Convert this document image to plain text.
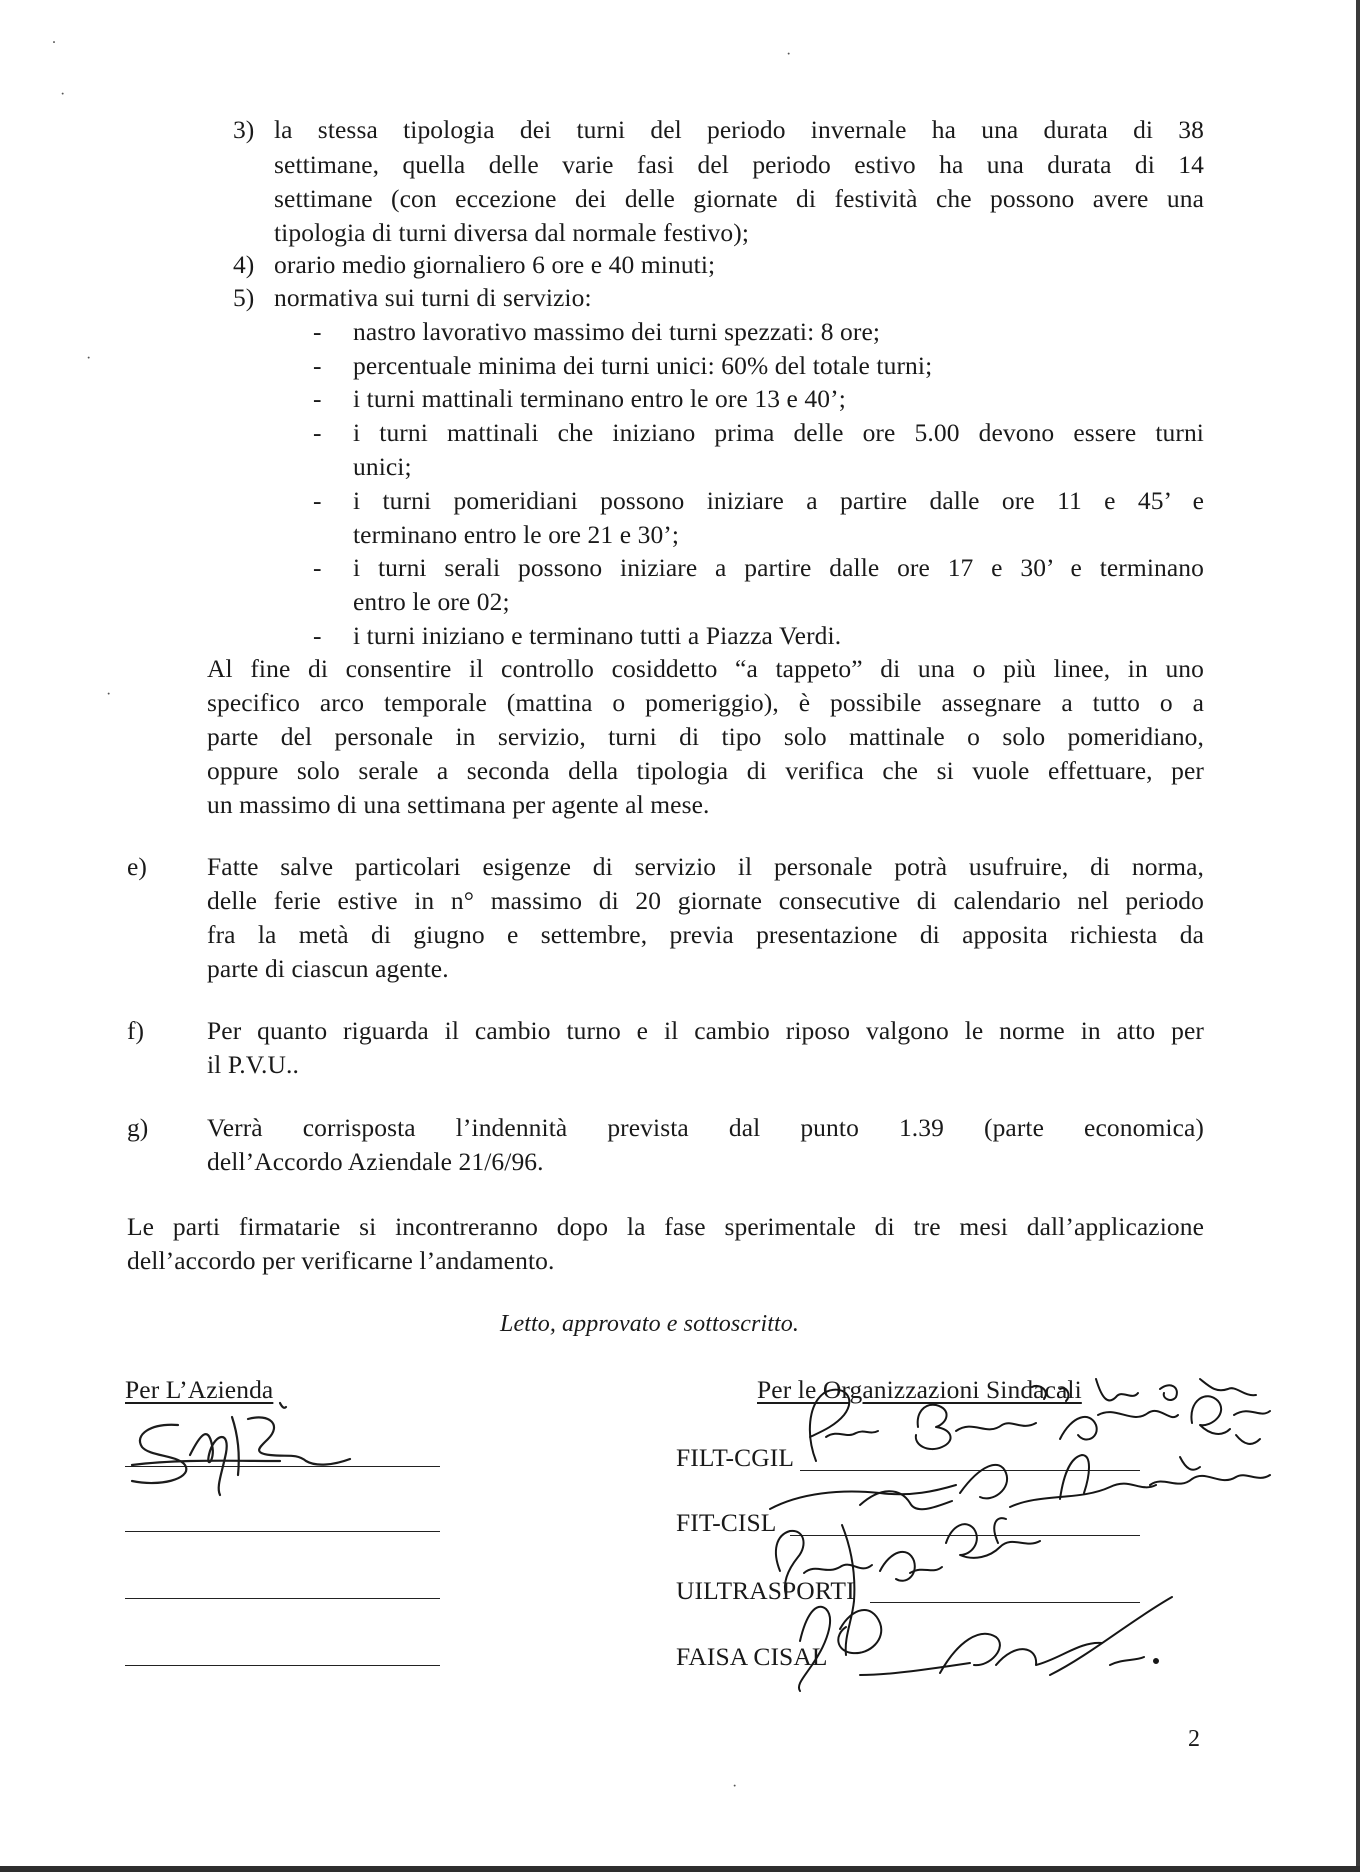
3) la stessa tipologia dei turni del periodo invernale ha una durata di 38
settimane, quella delle varie fasi del periodo estivo ha una durata di 14
settimane (con eccezione dei delle giornate di festività che possono avere una
tipologia di turni diversa dal normale festivo);
4) orario medio giornaliero 6 ore e 40 minuti;
5) normativa sui turni di servizio:
- nastro lavorativo massimo dei turni spezzati: 8 ore;
- percentuale minima dei turni unici: 60% del totale turni;
- i turni mattinali terminano entro le ore 13 e 40’;
- i turni mattinali che iniziano prima delle ore 5.00 devono essere turni
unici;
- i turni pomeridiani possono iniziare a partire dalle ore 11 e 45’ e
terminano entro le ore 21 e 30’;
- i turni serali possono iniziare a partire dalle ore 17 e 30’ e terminano
entro le ore 02;
- i turni iniziano e terminano tutti a Piazza Verdi.
Al fine di consentire il controllo cosiddetto “a tappeto” di una o più linee, in uno
specifico arco temporale (mattina o pomeriggio), è possibile assegnare a tutto o a
parte del personale in servizio, turni di tipo solo mattinale o solo pomeridiano,
oppure solo serale a seconda della tipologia di verifica che si vuole effettuare, per
un massimo di una settimana per agente al mese.
e) Fatte salve particolari esigenze di servizio il personale potrà usufruire, di norma,
delle ferie estive in n° massimo di 20 giornate consecutive di calendario nel periodo
fra la metà di giugno e settembre, previa presentazione di apposita richiesta da
parte di ciascun agente.
f) Per quanto riguarda il cambio turno e il cambio riposo valgono le norme in atto per
il P.V.U..
g) Verrà corrisposta l’indennità prevista dal punto 1.39 (parte economica)
dell’Accordo Aziendale 21/6/96.
Le parti firmatarie si incontreranno dopo la fase sperimentale di tre mesi dall’applicazione
dell’accordo per verificarne l’andamento.
Letto, approvato e sottoscritto.
Per L’Azienda	Per le Organizzazioni Sindacali
FILT-CGIL
FIT-CISL
UILTRASPORTI
FAISA CISAL
.
·
·
·
·
·
2
